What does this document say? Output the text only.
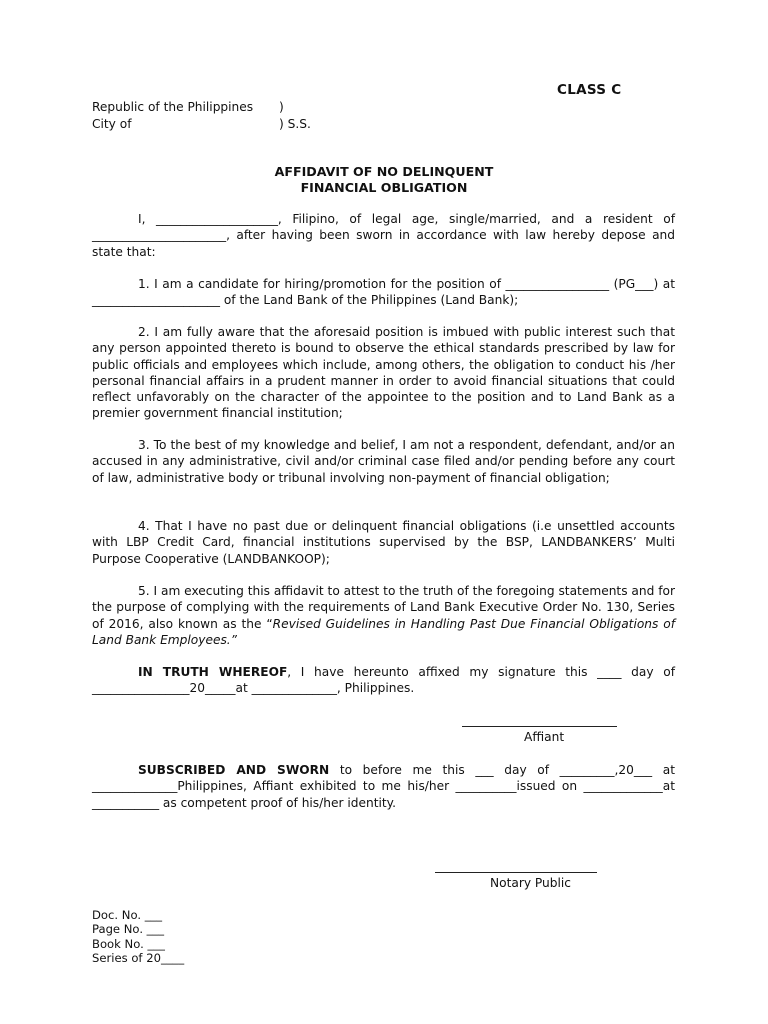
CLASS C
Republic of the Philippines )
City of	) S.S.
AFFIDAVIT OF NO DELINQUENT
FINANCIAL OBLIGATION
I, ____________________, Filipino, of legal age, single/married, and a resident of ______________________, after having been sworn in accordance with law hereby depose and state that:
1. I am a candidate for hiring/promotion for the position of _________________ (PG___) at _____________________ of the Land Bank of the Philippines (Land Bank);
2. I am fully aware that the aforesaid position is imbued with public interest such that any person appointed thereto is bound to observe the ethical standards prescribed by law for public officials and employees which include, among others, the obligation to conduct his /her personal financial affairs in a prudent manner in order to avoid financial situations that could reflect unfavorably on the character of the appointee to the position and to Land Bank as a premier government financial institution;
3. To the best of my knowledge and belief, I am not a respondent, defendant, and/or an accused in any administrative, civil and/or criminal case filed and/or pending before any court of law, administrative body or tribunal involving non-payment of financial obligation;
4. That I have no past due or delinquent financial obligations (i.e unsettled accounts with LBP Credit Card, financial institutions supervised by the BSP, LANDBANKERS’ Multi Purpose Cooperative (LANDBANKOOP);
5. I am executing this affidavit to attest to the truth of the foregoing statements and for the purpose of complying with the requirements of Land Bank Executive Order No. 130, Series of 2016, also known as the “Revised Guidelines in Handling Past Due Financial Obligations of Land Bank Employees.”
IN TRUTH WHEREOF, I have hereunto affixed my signature this ____ day of ________________20_____at ______________, Philippines.
Affiant
SUBSCRIBED AND SWORN to before me this ___ day of _________,20___ at ______________Philippines, Affiant exhibited to me his/her __________issued on _____________at ___________ as competent proof of his/her identity.
Notary Public
Doc. No. ___
Page No. ___
Book No. ___
Series of 20____
